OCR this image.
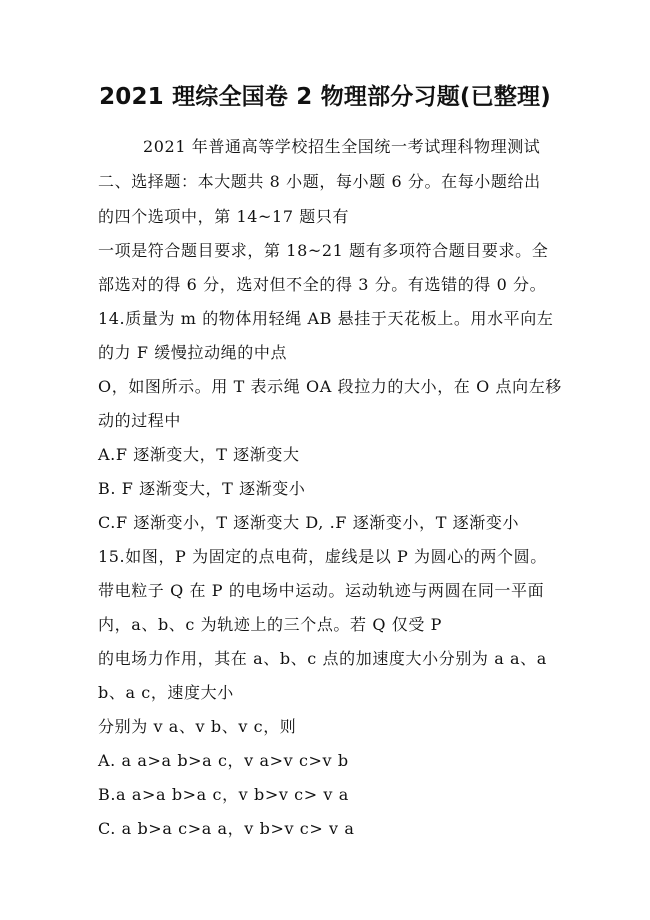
2021 理综全国卷 2 物理部分习题(已整理)
2021 年普通高等学校招生全国统一考试理科物理测试
二、选择题：本大题共 8 小题，每小题 6 分。在每小题给出
的四个选项中，第 14~17 题只有
一项是符合题目要求，第 18~21 题有多项符合题目要求。全
部选对的得 6 分，选对但不全的得 3 分。有选错的得 0 分。
14.质量为 m 的物体用轻绳 AB 悬挂于天花板上。用水平向左
的力 F 缓慢拉动绳的中点
O，如图所示。用 T 表示绳 OA 段拉力的大小，在 O 点向左移
动的过程中
A.F 逐渐变大，T 逐渐变大
B. F 逐渐变大，T 逐渐变小
C.F 逐渐变小，T 逐渐变大 D, .F 逐渐变小，T 逐渐变小
15.如图，P 为固定的点电荷，虚线是以 P 为圆心的两个圆。
带电粒子 Q 在 P 的电场中运动。运动轨迹与两圆在同一平面
内，a、b、c 为轨迹上的三个点。若 Q 仅受 P
的电场力作用，其在 a、b、c 点的加速度大小分别为 a a、a
b、a c，速度大小
分别为 v a、v b、v c，则
A. a a>a b>a c，v a>v c>v b
B.a a>a b>a c，v b>v c> v a
C. a b>a c>a a，v b>v c> v a
